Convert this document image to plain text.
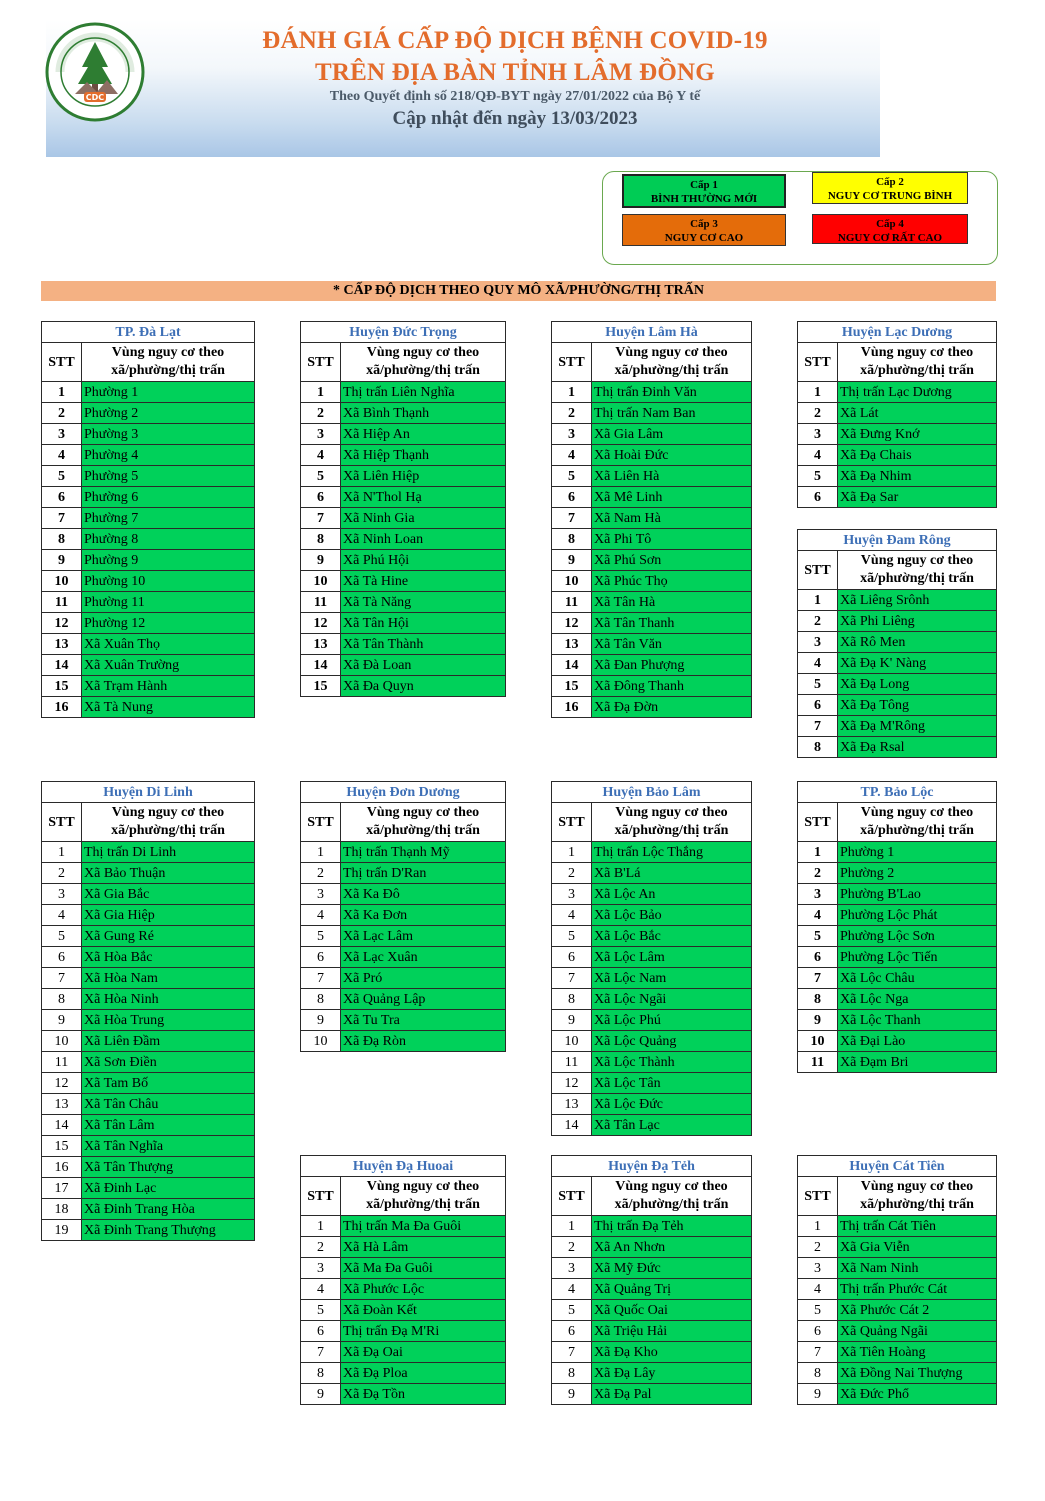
CDC
ĐÁNH GIÁ CẤP ĐỘ DỊCH BỆNH COVID-19
TRÊN ĐỊA BÀN TỈNH LÂM ĐỒNG
Theo Quyết định số 218/QĐ-BYT ngày 27/01/2022 của Bộ Y tế
Cập nhật đến ngày 13/03/2023
Cấp 1
BÌNH THƯỜNG MỚI
Cấp 2
NGUY CƠ TRUNG BÌNH
Cấp 3
NGUY CƠ CAO
Cấp 4
NGUY CƠ RẤT CAO
* CẤP ĐỘ DỊCH THEO QUY MÔ XÃ/PHƯỜNG/THỊ TRẤN
TP. Đà Lạt	
STT	Vùng nguy cơ theo
xã/phường/thị trấn
1	Phường 1
2	Phường 2
3	Phường 3
4	Phường 4
5	Phường 5
6	Phường 6
7	Phường 7
8	Phường 8
9	Phường 9
10	Phường 10
11	Phường 11
12	Phường 12
13	Xã Xuân Thọ
14	Xã Xuân Trường
15	Xã Trạm Hành
16	Xã Tà Nung
Huyện Đức Trọng	
STT	Vùng nguy cơ theo
xã/phường/thị trấn
1	Thị trấn Liên Nghĩa
2	Xã Bình Thạnh
3	Xã Hiệp An
4	Xã Hiệp Thạnh
5	Xã Liên Hiệp
6	Xã N'Thol Hạ
7	Xã Ninh Gia
8	Xã Ninh Loan
9	Xã Phú Hội
10	Xã Tà Hine
11	Xã Tà Năng
12	Xã Tân Hội
13	Xã Tân Thành
14	Xã Đà Loan
15	Xã Đa Quyn
Huyện Lâm Hà	
STT	Vùng nguy cơ theo
xã/phường/thị trấn
1	Thị trấn Đinh Văn
2	Thị trấn Nam Ban
3	Xã Gia Lâm
4	Xã Hoài Đức
5	Xã Liên Hà
6	Xã Mê Linh
7	Xã Nam Hà
8	Xã Phi Tô
9	Xã Phú Sơn
10	Xã Phúc Thọ
11	Xã Tân Hà
12	Xã Tân Thanh
13	Xã Tân Văn
14	Xã Đan Phượng
15	Xã Đông Thanh
16	Xã Đạ Đờn
Huyện Lạc Dương	
STT	Vùng nguy cơ theo
xã/phường/thị trấn
1	Thị trấn Lạc Dương
2	Xã Lát
3	Xã Đưng Knớ
4	Xã Đạ Chais
5	Xã Đạ Nhim
6	Xã Đạ Sar
Huyện Đam Rông	
STT	Vùng nguy cơ theo
xã/phường/thị trấn
1	Xã Liêng Srônh
2	Xã Phi Liêng
3	Xã Rô Men
4	Xã Đạ K' Nàng
5	Xã Đạ Long
6	Xã Đạ Tông
7	Xã Đạ M'Rông
8	Xã Đạ Rsal
Huyện Di Linh	
STT	Vùng nguy cơ theo
xã/phường/thị trấn
1	Thị trấn Di Linh
2	Xã Bảo Thuận
3	Xã Gia Bắc
4	Xã Gia Hiệp
5	Xã Gung Ré
6	Xã Hòa Bắc
7	Xã Hòa Nam
8	Xã Hòa Ninh
9	Xã Hòa Trung
10	Xã Liên Đầm
11	Xã Sơn Điền
12	Xã Tam Bố
13	Xã Tân Châu
14	Xã Tân Lâm
15	Xã Tân Nghĩa
16	Xã Tân Thượng
17	Xã Đinh Lạc
18	Xã Đinh Trang Hòa
19	Xã Đinh Trang Thượng
Huyện Đơn Dương	
STT	Vùng nguy cơ theo
xã/phường/thị trấn
1	Thị trấn Thạnh Mỹ
2	Thị trấn D'Ran
3	Xã Ka Đô
4	Xã Ka Đơn
5	Xã Lạc Lâm
6	Xã Lạc Xuân
7	Xã Pró
8	Xã Quảng Lập
9	Xã Tu Tra
10	Xã Đạ Ròn
Huyện Bảo Lâm	
STT	Vùng nguy cơ theo
xã/phường/thị trấn
1	Thị trấn Lộc Thắng
2	Xã B'Lá
3	Xã Lộc An
4	Xã Lộc Bảo
5	Xã Lộc Bắc
6	Xã Lộc Lâm
7	Xã Lộc Nam
8	Xã Lộc Ngãi
9	Xã Lộc Phú
10	Xã Lộc Quảng
11	Xã Lộc Thành
12	Xã Lộc Tân
13	Xã Lộc Đức
14	Xã Tân Lạc
TP. Bảo Lộc	
STT	Vùng nguy cơ theo
xã/phường/thị trấn
1	Phường 1
2	Phường 2
3	Phường B'Lao
4	Phường Lộc Phát
5	Phường Lộc Sơn
6	Phường Lộc Tiến
7	Xã Lộc Châu
8	Xã Lộc Nga
9	Xã Lộc Thanh
10	Xã Đại Lào
11	Xã Đạm Bri
Huyện Đạ Huoai	
STT	Vùng nguy cơ theo
xã/phường/thị trấn
1	Thị trấn Ma Đa Guôi
2	Xã Hà Lâm
3	Xã Ma Đa Guôi
4	Xã Phước Lộc
5	Xã Đoàn Kết
6	Thị trấn Đạ M'Ri
7	Xã Đạ Oai
8	Xã Đạ Ploa
9	Xã Đạ Tồn
Huyện Đạ Tẻh	
STT	Vùng nguy cơ theo
xã/phường/thị trấn
1	Thị trấn Đạ Tẻh
2	Xã An Nhơn
3	Xã Mỹ Đức
4	Xã Quảng Trị
5	Xã Quốc Oai
6	Xã Triệu Hải
7	Xã Đạ Kho
8	Xã Đạ Lây
9	Xã Đạ Pal
Huyện Cát Tiên	
STT	Vùng nguy cơ theo
xã/phường/thị trấn
1	Thị trấn Cát Tiên
2	Xã Gia Viễn
3	Xã Nam Ninh
4	Thị trấn Phước Cát
5	Xã Phước Cát 2
6	Xã Quảng Ngãi
7	Xã Tiên Hoàng
8	Xã Đồng Nai Thượng
9	Xã Đức Phổ
